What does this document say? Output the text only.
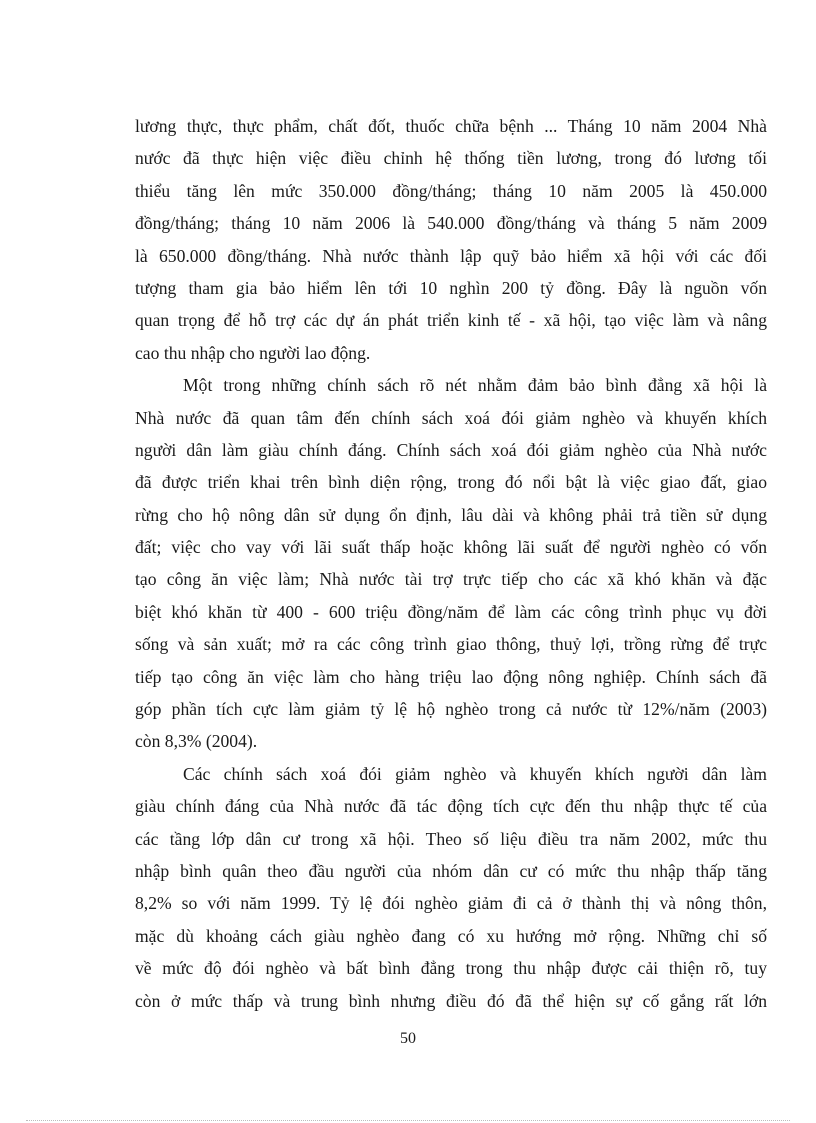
lương thực, thực phẩm, chất đốt, thuốc chữa bệnh ... Tháng 10 năm 2004 Nhà
nước đã thực hiện việc điều chỉnh hệ thống tiền lương, trong đó lương tối
thiểu tăng lên mức 350.000 đồng/tháng; tháng 10 năm 2005 là 450.000
đồng/tháng; tháng 10 năm 2006 là 540.000 đồng/tháng và tháng 5 năm 2009
là 650.000 đồng/tháng. Nhà nước thành lập quỹ bảo hiểm xã hội với các đối
tượng tham gia bảo hiểm lên tới 10 nghìn 200 tỷ đồng. Đây là nguồn vốn
quan trọng để hỗ trợ các dự án phát triển kinh tế - xã hội, tạo việc làm và nâng
cao thu nhập cho người lao động.
Một trong những chính sách rõ nét nhằm đảm bảo bình đẳng xã hội là
Nhà nước đã quan tâm đến chính sách xoá đói giảm nghèo và khuyến khích
người dân làm giàu chính đáng. Chính sách xoá đói giảm nghèo của Nhà nước
đã được triển khai trên bình diện rộng, trong đó nổi bật là việc giao đất, giao
rừng cho hộ nông dân sử dụng ổn định, lâu dài và không phải trả tiền sử dụng
đất; việc cho vay với lãi suất thấp hoặc không lãi suất để người nghèo có vốn
tạo công ăn việc làm; Nhà nước tài trợ trực tiếp cho các xã khó khăn và đặc
biệt khó khăn từ 400 - 600 triệu đồng/năm để làm các công trình phục vụ đời
sống và sản xuất; mở ra các công trình giao thông, thuỷ lợi, trồng rừng để trực
tiếp tạo công ăn việc làm cho hàng triệu lao động nông nghiệp. Chính sách đã
góp phần tích cực làm giảm tỷ lệ hộ nghèo trong cả nước từ 12%/năm (2003)
còn 8,3% (2004).
Các chính sách xoá đói giảm nghèo và khuyến khích người dân làm
giàu chính đáng của Nhà nước đã tác động tích cực đến thu nhập thực tế của
các tầng lớp dân cư trong xã hội. Theo số liệu điều tra năm 2002, mức thu
nhập bình quân theo đầu người của nhóm dân cư có mức thu nhập thấp tăng
8,2% so với năm 1999. Tỷ lệ đói nghèo giảm đi cả ở thành thị và nông thôn,
mặc dù khoảng cách giàu nghèo đang có xu hướng mở rộng. Những chỉ số
về mức độ đói nghèo và bất bình đẳng trong thu nhập được cải thiện rõ, tuy
còn ở mức thấp và trung bình nhưng điều đó đã thể hiện sự cố gắng rất lớn
50
